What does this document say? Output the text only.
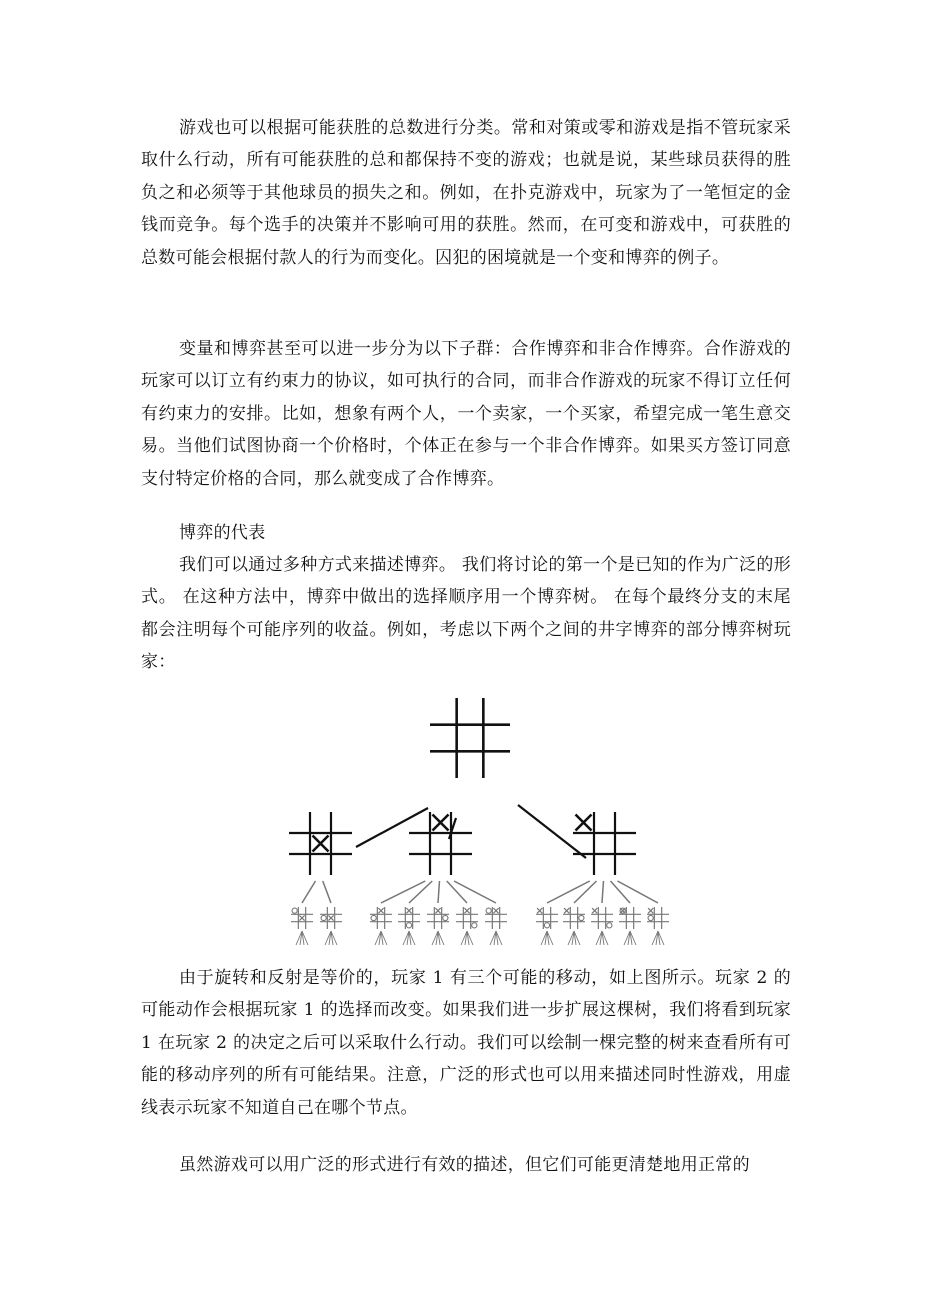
游戏也可以根据可能获胜的总数进行分类。常和对策或零和游戏是指不管玩家采取什么行动，所有可能获胜的总和都保持不变的游戏；也就是说，某些球员获得的胜负之和必须等于其他球员的损失之和。例如，在扑克游戏中，玩家为了一笔恒定的金钱而竞争。每个选手的决策并不影响可用的获胜。然而，在可变和游戏中，可获胜的总数可能会根据付款人的行为而变化。囚犯的困境就是一个变和博弈的例子。

变量和博弈甚至可以进一步分为以下子群：合作博弈和非合作博弈。合作游戏的玩家可以订立有约束力的协议，如可执行的合同，而非合作游戏的玩家不得订立任何有约束力的安排。比如，想象有两个人，一个卖家，一个买家，希望完成一笔生意交易。当他们试图协商一个价格时，个体正在参与一个非合作博弈。如果买方签订同意支付特定价格的合同，那么就变成了合作博弈。

博弈的代表

我们可以通过多种方式来描述博弈。 我们将讨论的第一个是已知的作为广泛的形式。 在这种方法中，博弈中做出的选择顺序用一个博弈树。 在每个最终分支的末尾都会注明每个可能序列的收益。例如，考虑以下两个之间的井字博弈的部分博弈树玩家：

由于旋转和反射是等价的，玩家 1 有三个可能的移动，如上图所示。玩家 2 的可能动作会根据玩家 1 的选择而改变。如果我们进一步扩展这棵树，我们将看到玩家 1 在玩家 2 的决定之后可以采取什么行动。我们可以绘制一棵完整的树来查看所有可能的移动序列的所有可能结果。注意，广泛的形式也可以用来描述同时性游戏，用虚线表示玩家不知道自己在哪个节点。

虽然游戏可以用广泛的形式进行有效的描述，但它们可能更清楚地用正常的
